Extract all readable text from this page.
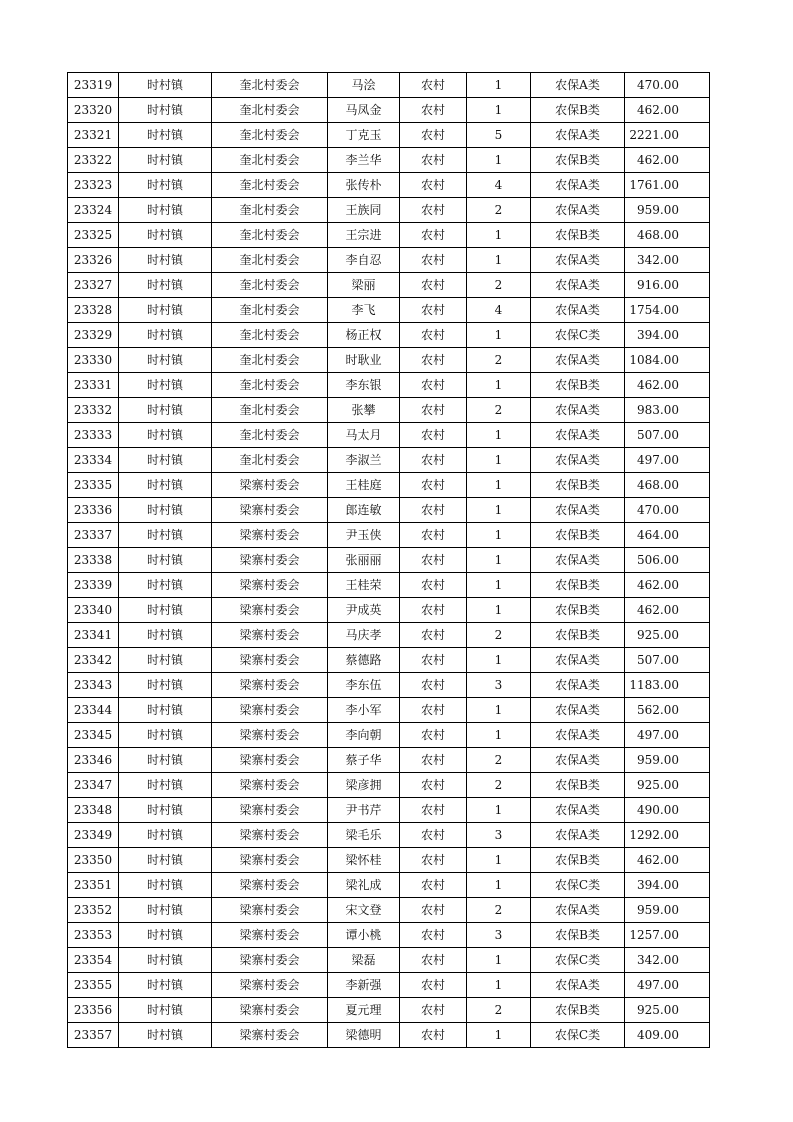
23319	时村镇	奎北村委会	马浍	农村	1	农保A类	470.00
23320	时村镇	奎北村委会	马凤金	农村	1	农保B类	462.00
23321	时村镇	奎北村委会	丁克玉	农村	5	农保A类	2221.00
23322	时村镇	奎北村委会	李兰华	农村	1	农保B类	462.00
23323	时村镇	奎北村委会	张传朴	农村	4	农保A类	1761.00
23324	时村镇	奎北村委会	王族同	农村	2	农保A类	959.00
23325	时村镇	奎北村委会	王宗进	农村	1	农保B类	468.00
23326	时村镇	奎北村委会	李自忍	农村	1	农保A类	342.00
23327	时村镇	奎北村委会	梁丽	农村	2	农保A类	916.00
23328	时村镇	奎北村委会	李飞	农村	4	农保A类	1754.00
23329	时村镇	奎北村委会	杨正权	农村	1	农保C类	394.00
23330	时村镇	奎北村委会	时耿业	农村	2	农保A类	1084.00
23331	时村镇	奎北村委会	李东银	农村	1	农保B类	462.00
23332	时村镇	奎北村委会	张攀	农村	2	农保A类	983.00
23333	时村镇	奎北村委会	马太月	农村	1	农保A类	507.00
23334	时村镇	奎北村委会	李淑兰	农村	1	农保A类	497.00
23335	时村镇	梁寨村委会	王桂庭	农村	1	农保B类	468.00
23336	时村镇	梁寨村委会	郎连敏	农村	1	农保A类	470.00
23337	时村镇	梁寨村委会	尹玉侠	农村	1	农保B类	464.00
23338	时村镇	梁寨村委会	张丽丽	农村	1	农保A类	506.00
23339	时村镇	梁寨村委会	王桂荣	农村	1	农保B类	462.00
23340	时村镇	梁寨村委会	尹成英	农村	1	农保B类	462.00
23341	时村镇	梁寨村委会	马庆孝	农村	2	农保B类	925.00
23342	时村镇	梁寨村委会	蔡德路	农村	1	农保A类	507.00
23343	时村镇	梁寨村委会	李东伍	农村	3	农保A类	1183.00
23344	时村镇	梁寨村委会	李小军	农村	1	农保A类	562.00
23345	时村镇	梁寨村委会	李向朝	农村	1	农保A类	497.00
23346	时村镇	梁寨村委会	蔡子华	农村	2	农保A类	959.00
23347	时村镇	梁寨村委会	梁彦拥	农村	2	农保B类	925.00
23348	时村镇	梁寨村委会	尹书芹	农村	1	农保A类	490.00
23349	时村镇	梁寨村委会	梁毛乐	农村	3	农保A类	1292.00
23350	时村镇	梁寨村委会	梁怀桂	农村	1	农保B类	462.00
23351	时村镇	梁寨村委会	梁礼成	农村	1	农保C类	394.00
23352	时村镇	梁寨村委会	宋文登	农村	2	农保A类	959.00
23353	时村镇	梁寨村委会	谭小桃	农村	3	农保B类	1257.00
23354	时村镇	梁寨村委会	梁磊	农村	1	农保C类	342.00
23355	时村镇	梁寨村委会	李新强	农村	1	农保A类	497.00
23356	时村镇	梁寨村委会	夏元理	农村	2	农保B类	925.00
23357	时村镇	梁寨村委会	梁德明	农村	1	农保C类	409.00
